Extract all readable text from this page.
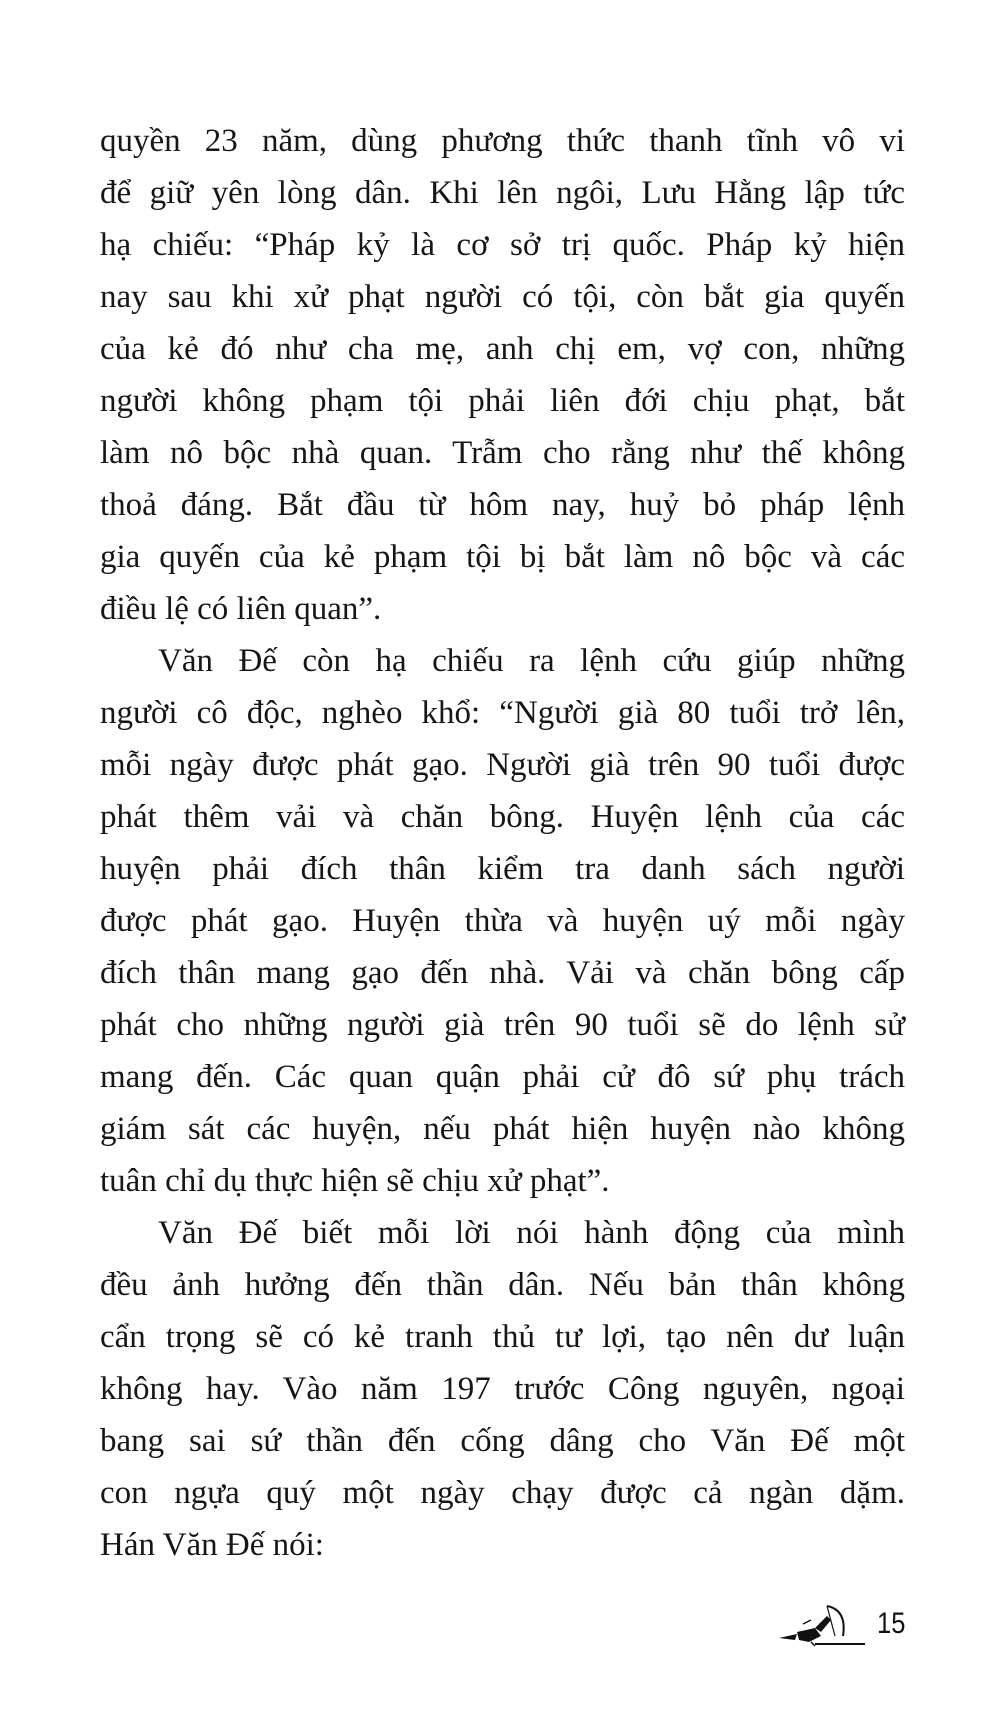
quyền 23 năm, dùng phương thức thanh tĩnh vô vi
để giữ yên lòng dân. Khi lên ngôi, Lưu Hằng lập tức
hạ chiếu: “Pháp kỷ là cơ sở trị quốc. Pháp kỷ hiện
nay sau khi xử phạt người có tội, còn bắt gia quyến
của kẻ đó như cha mẹ, anh chị em, vợ con, những
người không phạm tội phải liên đới chịu phạt, bắt
làm nô bộc nhà quan. Trẫm cho rằng như thế không
thoả đáng. Bắt đầu từ hôm nay, huỷ bỏ pháp lệnh
gia quyến của kẻ phạm tội bị bắt làm nô bộc và các
điều lệ có liên quan”.
Văn Đế còn hạ chiếu ra lệnh cứu giúp những
người cô độc, nghèo khổ: “Người già 80 tuổi trở lên,
mỗi ngày được phát gạo. Người già trên 90 tuổi được
phát thêm vải và chăn bông. Huyện lệnh của các
huyện phải đích thân kiểm tra danh sách người
được phát gạo. Huyện thừa và huyện uý mỗi ngày
đích thân mang gạo đến nhà. Vải và chăn bông cấp
phát cho những người già trên 90 tuổi sẽ do lệnh sử
mang đến. Các quan quận phải cử đô sứ phụ trách
giám sát các huyện, nếu phát hiện huyện nào không
tuân chỉ dụ thực hiện sẽ chịu xử phạt”.
Văn Đế biết mỗi lời nói hành động của mình
đều ảnh hưởng đến thần dân. Nếu bản thân không
cẩn trọng sẽ có kẻ tranh thủ tư lợi, tạo nên dư luận
không hay. Vào năm 197 trước Công nguyên, ngoại
bang sai sứ thần đến cống dâng cho Văn Đế một
con ngựa quý một ngày chạy được cả ngàn dặm.
Hán Văn Đế nói:
15
